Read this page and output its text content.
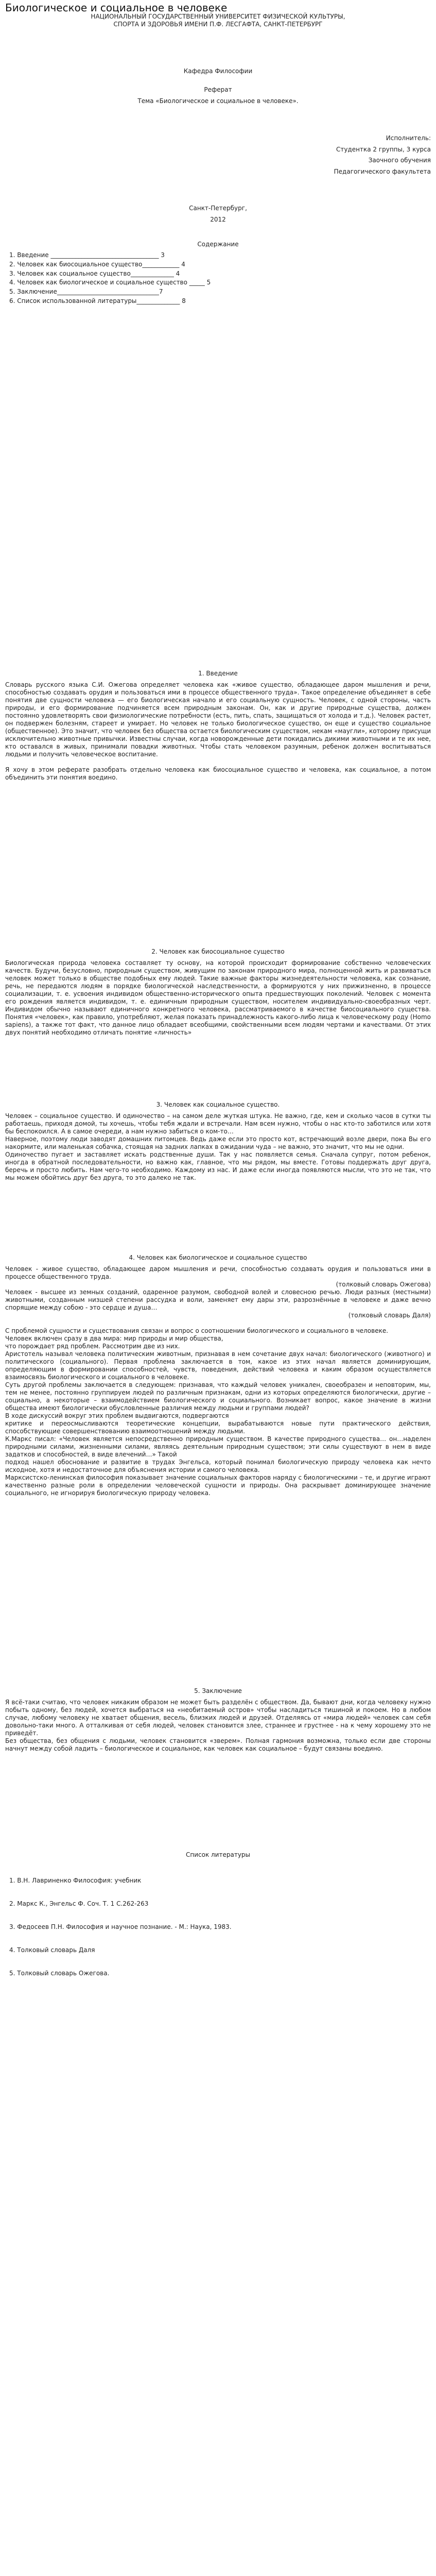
Биологическое и социальное в человеке
НАЦИОНАЛЬНЫЙ ГОСУДАРСТВЕННЫЙ УНИВЕРСИТЕТ ФИЗИЧЕСКОЙ КУЛЬТУРЫ,
СПОРТА И ЗДОРОВЬЯ ИМЕНИ П.Ф. ЛЕСГАФТА, САНКТ-ПЕТЕРБУРГ
Кафедра Философии
Реферат
Тема «Биологическое и социальное в человеке».
Исполнитель:
Студентка 2 группы, 3 курса
Заочного обучения
Педагогического факультета
Санкт-Петербург,
2012
Содержание
1. Введение ___________________________________ 3
2. Человек как биосоциальное существо____________ 4
3. Человек как социальное существо______________ 4
4. Человек как биологическое и социальное существо _____ 5
5. Заключение_________________________________7
6. Список использованной литературы______________ 8
1. Введение

Словарь русского языка С.И. Ожегова определяет человека как «живое существо, обладающее даром мышления и речи, способностью создавать орудия и пользоваться ими в процессе общественного труда». Такое определение объединяет в себе понятия две сущности человека — его биологическая начало и его социальную сущность. Человек, с одной стороны, часть природы, и его формирование подчиняется всем природным законам. Он, как и другие природные существа, должен постоянно удовлетворять свои физиологические потребности (есть, пить, спать, защищаться от холода и т.д.). Человек растет, он подвержен болезням, стареет и умирает. Но человек не только биологическое существо, он еще и существо социальное (общественное). Это значит, что человек без общества остается биологическим существом, некам «маугли», которому присущи исключительно животные привычки. Известны случаи, когда новорожденные дети покидались дикими животными и те их нее, кто оставался в живых, принимали повадки животных. Чтобы стать человеком разумным, ребенок должен воспитываться людьми и получить человеческое воспитание.

Я хочу в этом реферате разобрать отдельно человека как биосоциальное существо и человека, как социальное, а потом объединить эти понятия воедино.

2. Человек как биосоциальное существо

Биологическая природа человека составляет ту основу, на которой происходит формирование собственно человеческих качеств. Будучи, безусловно, природным существом, живущим по законам природного мира, полноценной жить и развиваться человек может только в обществе подобных ему людей. Такие важные факторы жизнедеятельности человека, как сознание, речь, не передаются людям в порядке биологической наследственности, а формируются у них прижизненно, в процессе социализации, т. е. усвоения индивидом общественно-исторического опыта предшествующих поколений. Человек с момента его рождения является индивидом, т. е. единичным природным существом, носителем индивидуально-своеобразных черт. Индивидом обычно называют единичного конкретного человека, рассматриваемого в качестве биосоциального существа. Понятия «человек», как правило, употребляют, желая показать принадлежность какого-либо лица к человеческому роду (Homo sapiens), а также тот факт, что данное лицо обладает всеобщими, свойственными всем людям чертами и качествами. От этих двух понятий необходимо отличать понятие «личность»

3. Человек как социальное существо.

Человек – социальное существо. И одиночество – на самом деле жуткая штука. Не важно, где, кем и сколько часов в сутки ты работаешь, приходя домой, ты хочешь, чтобы тебя ждали и встречали. Нам всем нужно, чтобы о нас кто-то заботился или хотя бы беспокоился. А в самое очереди, а нам нужно забиться о ком-то…

Наверное, поэтому люди заводят домашних питомцев. Ведь даже если это просто кот, встречающий возле двери, пока Вы его накормите, или маленькая собачка, стоящая на задних лапках в ожидании чуда – не важно, это значит, что мы не одни.

Одиночество пугает и заставляет искать родственные души. Так у нас появляется семья. Сначала супруг, потом ребенок, иногда в обратной последовательности, но важно как, главное, что мы рядом, мы вместе. Готовы поддержать друг друга, беречь и просто любить. Нам чего-то необходимо. Каждому из нас. И даже если иногда появляются мысли, что это не так, что мы можем обойтись друг без друга, то это далеко не так.

4. Человек как биологическое и социальное существо

Человек - живое существо, обладающее даром мышления и речи, способностью создавать орудия и пользоваться ими в процессе общественного труда.

(толковый словарь Ожегова)

Человек - высшее из земных созданий, одаренное разумом, свободной волей и словесною речью. Люди разных (местными) животными, созданным низшей степени рассудка и воли, заменяет ему дары эти, разрознённые в человеке и даже вечно спорящие между собою - это сердце и душа…

(толковый словарь Даля)

С проблемой сущности и существования связан и вопрос о соотношении биологического и социального в человеке.

Человек включен сразу в два мира: мир природы и мир общества,

что порождает ряд проблем. Рассмотрим две из них.

Аристотель называл человека политическим животным, признавая в нем сочетание двух начал: биологического (животного) и политического (социального). Первая проблема заключается в том, какое из этих начал является доминирующим, определяющим в формировании способностей, чувств, поведения, действий человека и каким образом осуществляется взаимосвязь биологического и социального в человеке.

Суть другой проблемы заключается в следующем: признавая, что каждый человек уникален, своеобразен и неповторим, мы, тем не менее, постоянно группируем людей по различным признакам, одни из которых определяются биологически, другие – социально, а некоторые – взаимодействием биологического и социального. Возникает вопрос, какое значение в жизни общества имеют биологически обусловленные различия между людьми и группами людей?

В ходе дискуссий вокруг этих проблем выдвигаются, подвергаются

критике и переосмысливаются теоретические концепции, вырабатываются новые пути практического действия, способствующие совершенствованию взаимоотношений между людьми.

К.Маркс писал: «Человек является непосредственно природным существом. В качестве природного существа… он…наделен природными силами, жизненными силами, являясь деятельным природным существом; эти силы существуют в нем в виде задатков и способностей, в виде влечений…» Такой

подход нашел обоснование и развитие в трудах Энгельса, который понимал биологическую природу человека как нечто исходное, хотя и недостаточное для объяснения истории и самого человека.

Марксистско-ленинская философия показывает значение социальных факторов наряду с биологическими – те, и другие играют качественно разные роли в определении человеческой сущности и природы. Она раскрывает доминирующее значение социального, не игнорируя биологическую природу человека.

5. Заключение

Я всё-таки считаю, что человек никаким образом не может быть разделён с обществом. Да, бывают дни, когда человеку нужно побыть одному, без людей, хочется выбраться на «необитаемый остров» чтобы насладиться тишиной и покоем. Но в любом случае, любому человеку не хватает общения, весель, близких людей и друзей. Отделяясь от «мира людей» человек сам себя довольно-таки много. А отталкивая от себя людей, человек становится злее, страннее и грустнее - на к чему хорошему это не приведёт.

Без общества, без общения с людьми, человек становится «зверем». Полная гармония возможна, только если две стороны начнут между собой ладить – биологическое и социальное, как человек как социальное – будут связаны воедино.

Список литературы

1. В.Н. Лавриненко Философия: учебник

2. Маркс К., Энгельс Ф. Соч. Т. 1 С.262-263

3. Федосеев П.Н. Философия и научное познание. - М.: Наука, 1983.

4. Толковый словарь Даля

5. Толковый словарь Ожегова.
